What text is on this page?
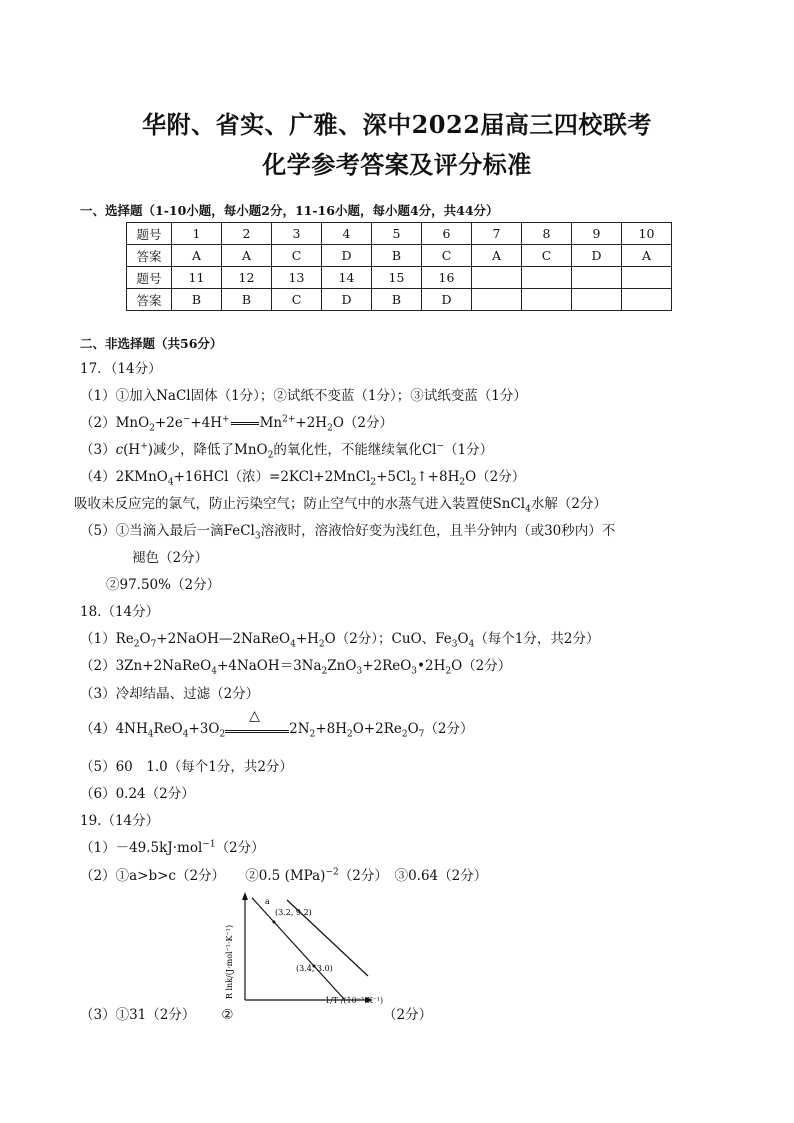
华附、省实、广雅、深中2022届高三四校联考
化学参考答案及评分标准
一、选择题（1-10小题，每小题2分，11-16小题，每小题4分，共44分）
题号	1	2	3	4	5	6	7	8	9	10
答案	A	A	C	D	B	C	A	C	D	A
题号	11	12	13	14	15	16				
答案	B	B	C	D	B	D				
二、非选择题（共56分）
17．（14分）
（1）①加入NaCl固体（1分）；②试纸不变蓝（1分）；③试纸变蓝（1分）
（2）MnO$_2$+2e−+4H+ $Mn^{2+}+2H_2O(2$分）
（3）c(H+)减少，降低了MnO$_2$的氧化性，不能继续氧化Cl−（1分）
（4）2KMnO$_4$+16HCl（浓）$=2KCl+2MnCl_2+5Cl_2↑+8H_2O(2$分）
吸收未反应完的氯气，防止污染空气；防止空气中的水蒸气进入装置使SnCl$_4$水解（2分）
（5）①当滴入最后一滴FeCl$_3$溶液时，溶液恰好变为浅红色，且半分钟内（或30秒内）不
褪色（2分）
②97.50%（2分）
18.（14分）
$(1)Re_2O_7+2NaOH—2NaReO_4+H_2O(2$分）；CuO、$Fe_3O_4$（每个1分，共2分）
$(2)3Zn+2NaReO_4+4NaOH=3Na_2ZnO_3+2ReO_3•2H_2O(2$分）
（3）冷却结晶、过滤（2分）
$(4)4NH_4ReO_4+3O_2$
△
$2N_2+8H_2O+2Re_2O_7(2$分）
（5）60　1.0（每个1分，共2分）
（6）0.24（2分）
19.（14分）
（1）－49.5kJ·mol$^{-1}$（2分）
（2）①a>b>c（2分）　　②0.5 (MPa)$^{-2}$（2分）　③0.64（2分）
R lnk/(J·mol⁻¹·K⁻¹)
a
(3.2, 9.2)
(3.4, 3.0)
1/T /(10⁻³ K⁻¹)
（3）①31（2分） ②	（2分）
